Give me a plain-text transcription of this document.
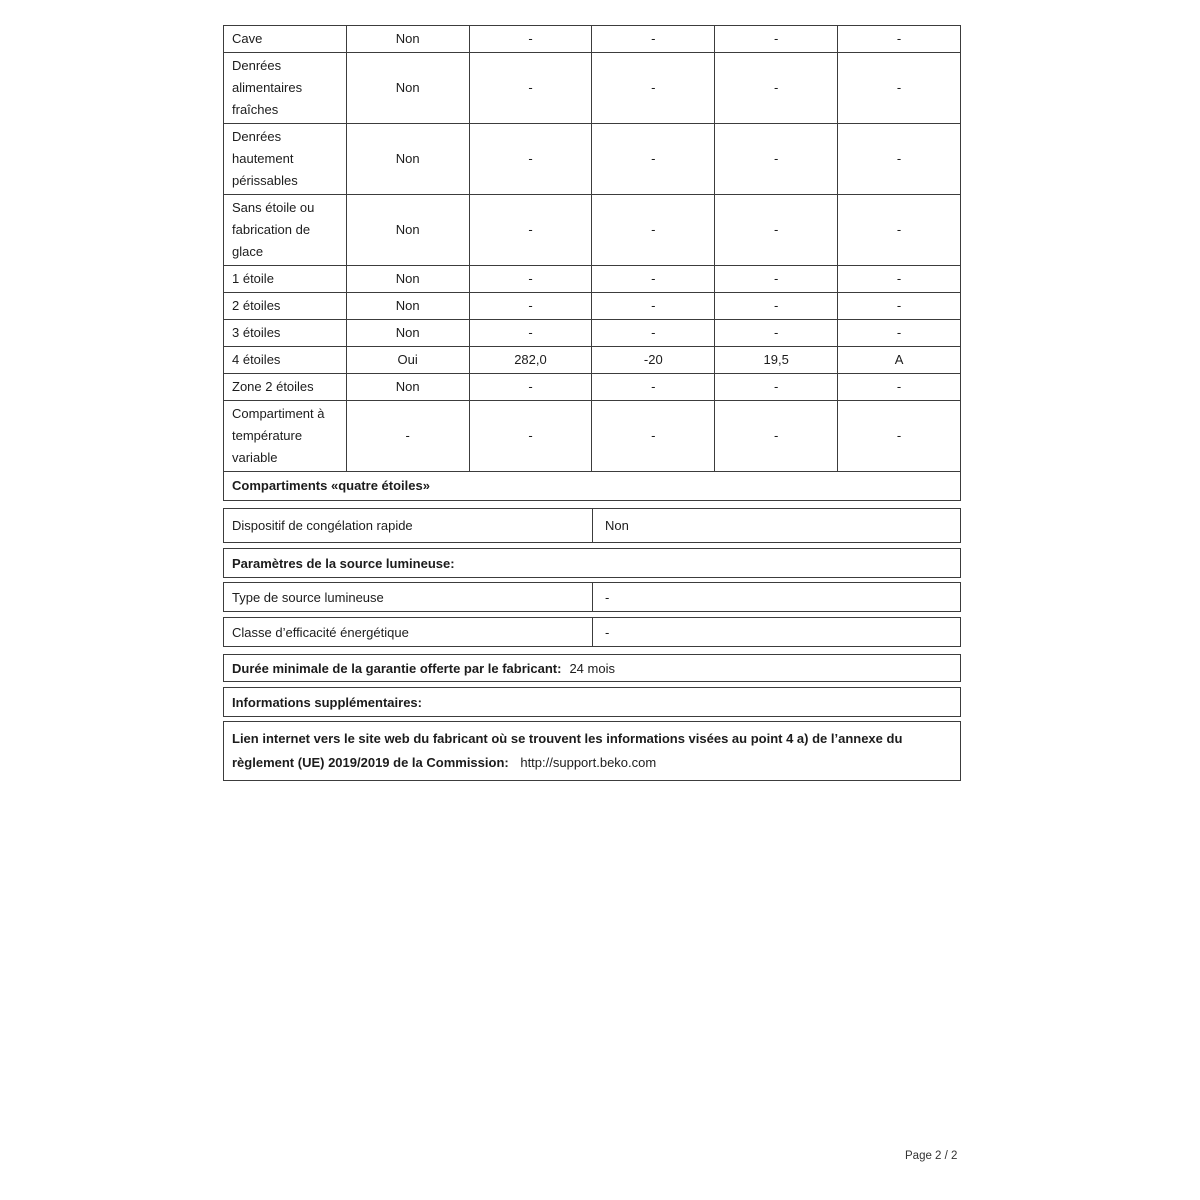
Cave	Non	-	-	-	-
Denrées alimentaires fraîches	Non	-	-	-	-
Denrées hautement périssables	Non	-	-	-	-
Sans étoile ou fabrication de glace	Non	-	-	-	-
1 étoile	Non	-	-	-	-
2 étoiles	Non	-	-	-	-
3 étoiles	Non	-	-	-	-
4 étoiles	Oui	282,0	-20	19,5	A
Zone 2 étoiles	Non	-	-	-	-
Compartiment à température variable	-	-	-	-	-
Compartiments «quatre étoiles»					
Dispositif de congélation rapide	Non
Paramètres de la source lumineuse:
Type de source lumineuse	-
Classe d’efficacité énergétique	-
Durée minimale de la garantie offerte par le fabricant: 24 mois
Informations supplémentaires:
Lien internet vers le site web du fabricant où se trouvent les informations visées au point 4 a) de l’annexe du règlement (UE) 2019/2019 de la Commission: http://support.beko.com
Page 2 / 2
